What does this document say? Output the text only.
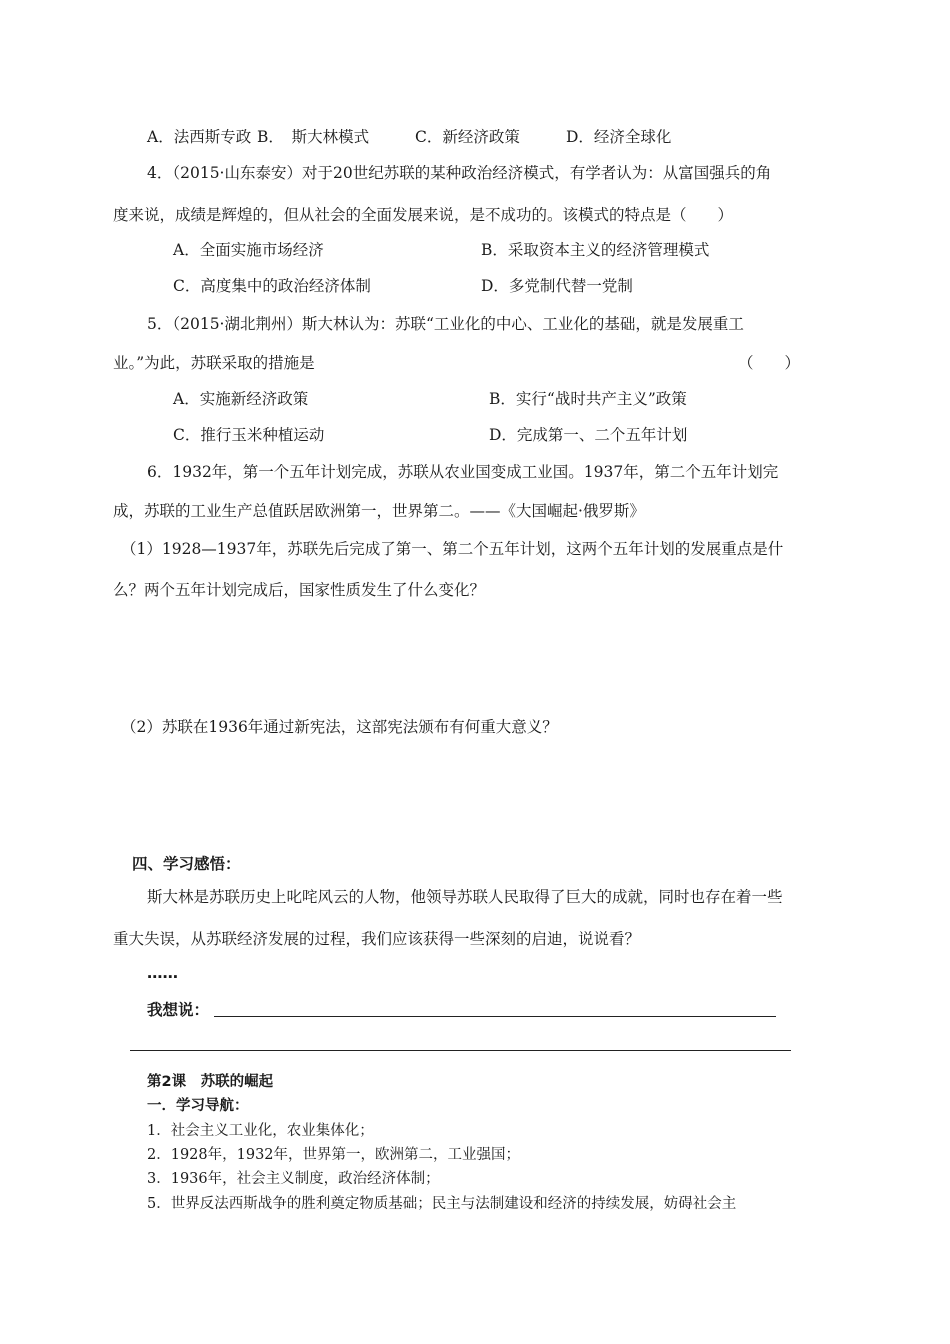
A．法西斯专政 B．　斯大林模式	C．新经济政策	D．经济全球化
4．（2015·山东泰安）对于20世纪苏联的某种政治经济模式，有学者认为：从富国强兵的角
度来说，成绩是辉煌的，但从社会的全面发展来说，是不成功的。该模式的特点是（　　）
A．全面实施市场经济	B．采取资本主义的经济管理模式
C．高度集中的政治经济体制	D．多党制代替一党制
5．（2015·湖北荆州）斯大林认为：苏联“工业化的中心、工业化的基础，就是发展重工
业。”为此，苏联采取的措施是	（　　）
A．实施新经济政策	B．实行“战时共产主义”政策
C．推行玉米种植运动	D．完成第一、二个五年计划
6．1932年，第一个五年计划完成，苏联从农业国变成工业国。1937年，第二个五年计划完
成，苏联的工业生产总值跃居欧洲第一，世界第二。——《大国崛起·俄罗斯》
（1）1928—1937年，苏联先后完成了第一、第二个五年计划，这两个五年计划的发展重点是什
么？两个五年计划完成后，国家性质发生了什么变化？
（2）苏联在1936年通过新宪法，这部宪法颁布有何重大意义？
四、学习感悟：
斯大林是苏联历史上叱咤风云的人物，他领导苏联人民取得了巨大的成就，同时也存在着一些
重大失误，从苏联经济发展的过程，我们应该获得一些深刻的启迪，说说看？
……
我想说：
第2课　苏联的崛起
一．学习导航：
1．社会主义工业化，农业集体化；
2．1928年，1932年，世界第一，欧洲第二，工业强国；
3．1936年，社会主义制度，政治经济体制；
5．世界反法西斯战争的胜利奠定物质基础；民主与法制建设和经济的持续发展，妨碍社会主
